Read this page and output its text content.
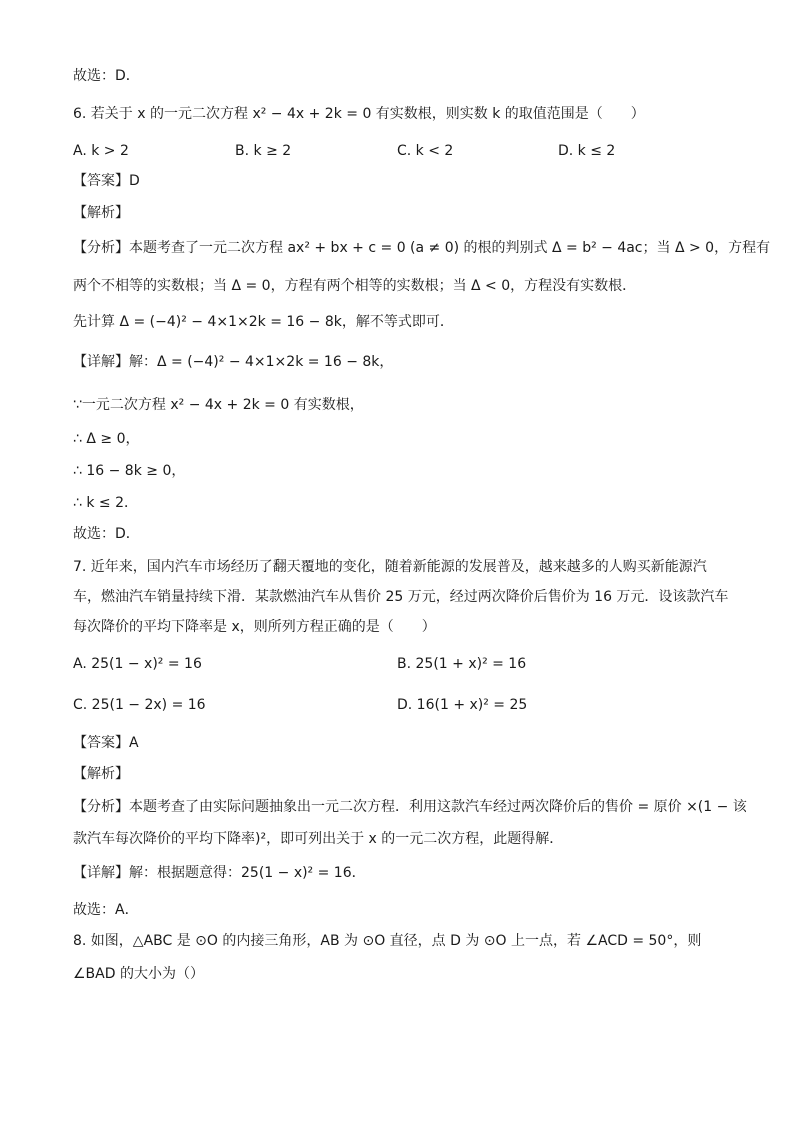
故选：D．
6. 若关于 x 的一元二次方程 x² − 4x + 2k = 0 有实数根，则实数 k 的取值范围是（　　）
A. k > 2	B. k ≥ 2	C. k < 2	D. k ≤ 2
【答案】D
【解析】
【分析】本题考查了一元二次方程 ax² + bx + c = 0 (a ≠ 0) 的根的判别式 Δ = b² − 4ac；当 Δ > 0，方程有
两个不相等的实数根；当 Δ = 0，方程有两个相等的实数根；当 Δ < 0，方程没有实数根．
先计算 Δ = (−4)² − 4×1×2k = 16 − 8k，解不等式即可．
【详解】解：Δ = (−4)² − 4×1×2k = 16 − 8k，
∵一元二次方程 x² − 4x + 2k = 0 有实数根，
∴ Δ ≥ 0，
∴ 16 − 8k ≥ 0，
∴ k ≤ 2．
故选：D．
7. 近年来，国内汽车市场经历了翻天覆地的变化，随着新能源的发展普及，越来越多的人购买新能源汽
车，燃油汽车销量持续下滑．某款燃油汽车从售价 25 万元，经过两次降价后售价为 16 万元．设该款汽车
每次降价的平均下降率是 x，则所列方程正确的是（　　）
A. 25(1 − x)² = 16	B. 25(1 + x)² = 16
C. 25(1 − 2x) = 16	D. 16(1 + x)² = 25
【答案】A
【解析】
【分析】本题考查了由实际问题抽象出一元二次方程．利用这款汽车经过两次降价后的售价 = 原价 ×(1 − 该
款汽车每次降价的平均下降率)²，即可列出关于 x 的一元二次方程，此题得解．
【详解】解：根据题意得：25(1 − x)² = 16．
故选：A．
8. 如图，△ABC 是 ⊙O 的内接三角形，AB 为 ⊙O 直径，点 D 为 ⊙O 上一点，若 ∠ACD = 50°，则
∠BAD 的大小为（）
